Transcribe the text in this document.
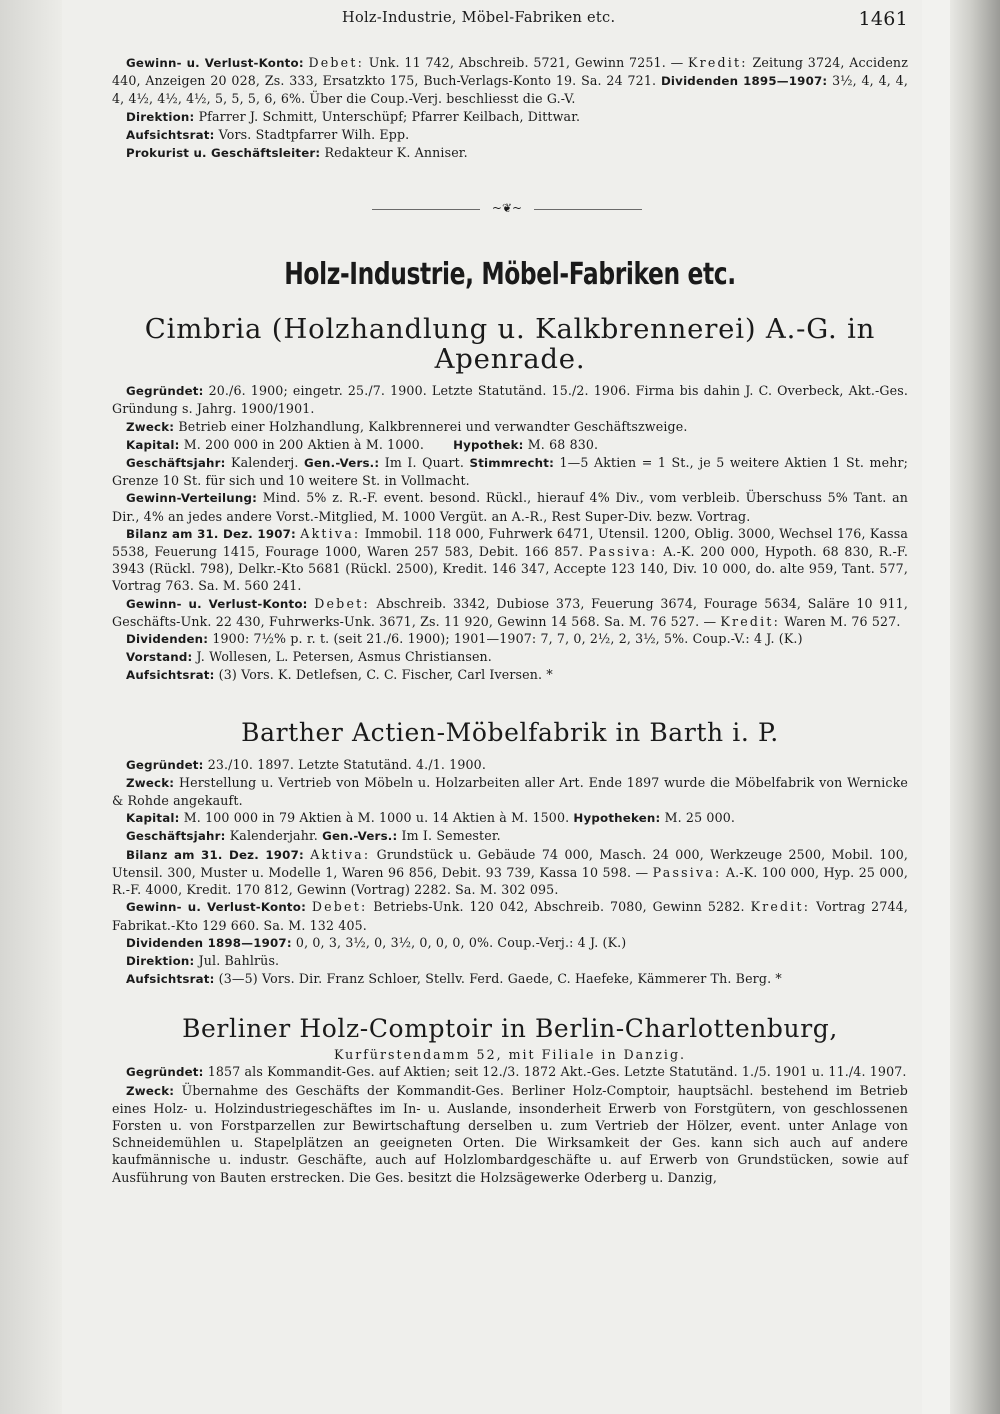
Holz-Industrie, Möbel-Fabriken etc.	1461

Gewinn- u. Verlust-Konto: Debet: Unk. 11 742, Abschreib. 5721, Gewinn 7251. — Kredit: Zeitung 3724, Accidenz 440, Anzeigen 20 028, Zs. 333, Ersatzkto 175, Buch-Verlags-Konto 19. Sa. 24 721. Dividenden 1895—1907: 3½, 4, 4, 4, 4, 4½, 4½, 4½, 5, 5, 5, 6, 6%. Über die Coup.-Verj. beschliesst die G.-V.

Direktion: Pfarrer J. Schmitt, Unterschüpf; Pfarrer Keilbach, Dittwar.

Aufsichtsrat: Vors. Stadtpfarrer Wilh. Epp.

Prokurist u. Geschäftsleiter: Redakteur K. Anniser.

~❦~
Holz-Industrie, Möbel-Fabriken etc.
Cimbria (Holzhandlung u. Kalkbrennerei) A.-G. in Apenrade.

Gegründet: 20./6. 1900; eingetr. 25./7. 1900. Letzte Statutänd. 15./2. 1906. Firma bis dahin J. C. Overbeck, Akt.-Ges. Gründung s. Jahrg. 1900/1901.

Zweck: Betrieb einer Holzhandlung, Kalkbrennerei und verwandter Geschäftszweige.

Kapital: M. 200 000 in 200 Aktien à M. 1000. Hypothek: M. 68 830.

Geschäftsjahr: Kalenderj. Gen.-Vers.: Im I. Quart. Stimmrecht: 1—5 Aktien = 1 St., je 5 weitere Aktien 1 St. mehr; Grenze 10 St. für sich und 10 weitere St. in Vollmacht.

Gewinn-Verteilung: Mind. 5% z. R.-F. event. besond. Rückl., hierauf 4% Div., vom verbleib. Überschuss 5% Tant. an Dir., 4% an jedes andere Vorst.-Mitglied, M. 1000 Vergüt. an A.-R., Rest Super-Div. bezw. Vortrag.

Bilanz am 31. Dez. 1907: Aktiva: Immobil. 118 000, Fuhrwerk 6471, Utensil. 1200, Oblig. 3000, Wechsel 176, Kassa 5538, Feuerung 1415, Fourage 1000, Waren 257 583, Debit. 166 857. Passiva: A.-K. 200 000, Hypoth. 68 830, R.-F. 3943 (Rückl. 798), Delkr.-Kto 5681 (Rückl. 2500), Kredit. 146 347, Accepte 123 140, Div. 10 000, do. alte 959, Tant. 577, Vortrag 763. Sa. M. 560 241.

Gewinn- u. Verlust-Konto: Debet: Abschreib. 3342, Dubiose 373, Feuerung 3674, Fourage 5634, Saläre 10 911, Geschäfts-Unk. 22 430, Fuhrwerks-Unk. 3671, Zs. 11 920, Gewinn 14 568. Sa. M. 76 527. — Kredit: Waren M. 76 527.

Dividenden: 1900: 7½% p. r. t. (seit 21./6. 1900); 1901—1907: 7, 7, 0, 2½, 2, 3½, 5%. Coup.-V.: 4 J. (K.)

Vorstand: J. Wollesen, L. Petersen, Asmus Christiansen.

Aufsichtsrat: (3) Vors. K. Detlefsen, C. C. Fischer, Carl Iversen. *

Barther Actien-Möbelfabrik in Barth i. P.

Gegründet: 23./10. 1897. Letzte Statutänd. 4./1. 1900.

Zweck: Herstellung u. Vertrieb von Möbeln u. Holzarbeiten aller Art. Ende 1897 wurde die Möbelfabrik von Wernicke & Rohde angekauft.

Kapital: M. 100 000 in 79 Aktien à M. 1000 u. 14 Aktien à M. 1500. Hypotheken: M. 25 000.

Geschäftsjahr: Kalenderjahr. Gen.-Vers.: Im I. Semester.

Bilanz am 31. Dez. 1907: Aktiva: Grundstück u. Gebäude 74 000, Masch. 24 000, Werkzeuge 2500, Mobil. 100, Utensil. 300, Muster u. Modelle 1, Waren 96 856, Debit. 93 739, Kassa 10 598. — Passiva: A.-K. 100 000, Hyp. 25 000, R.-F. 4000, Kredit. 170 812, Gewinn (Vortrag) 2282. Sa. M. 302 095.

Gewinn- u. Verlust-Konto: Debet: Betriebs-Unk. 120 042, Abschreib. 7080, Gewinn 5282. Kredit: Vortrag 2744, Fabrikat.-Kto 129 660. Sa. M. 132 405.

Dividenden 1898—1907: 0, 0, 3, 3½, 0, 3½, 0, 0, 0, 0%. Coup.-Verj.: 4 J. (K.)

Direktion: Jul. Bahlrüs.

Aufsichtsrat: (3—5) Vors. Dir. Franz Schloer, Stellv. Ferd. Gaede, C. Haefeke, Kämmerer Th. Berg. *

Berliner Holz-Comptoir in Berlin-Charlottenburg,
Kurfürstendamm 52, mit Filiale in Danzig.

Gegründet: 1857 als Kommandit-Ges. auf Aktien; seit 12./3. 1872 Akt.-Ges. Letzte Statutänd. 1./5. 1901 u. 11./4. 1907.

Zweck: Übernahme des Geschäfts der Kommandit-Ges. Berliner Holz-Comptoir, hauptsächl. bestehend im Betrieb eines Holz- u. Holzindustriegeschäftes im In- u. Auslande, insonderheit Erwerb von Forstgütern, von geschlossenen Forsten u. von Forstparzellen zur Bewirtschaftung derselben u. zum Vertrieb der Hölzer, event. unter Anlage von Schneidemühlen u. Stapelplätzen an geeigneten Orten. Die Wirksamkeit der Ges. kann sich auch auf andere kaufmännische u. industr. Geschäfte, auch auf Holzlombardgeschäfte u. auf Erwerb von Grundstücken, sowie auf Ausführung von Bauten erstrecken. Die Ges. besitzt die Holzsägewerke Oderberg u. Danzig,
